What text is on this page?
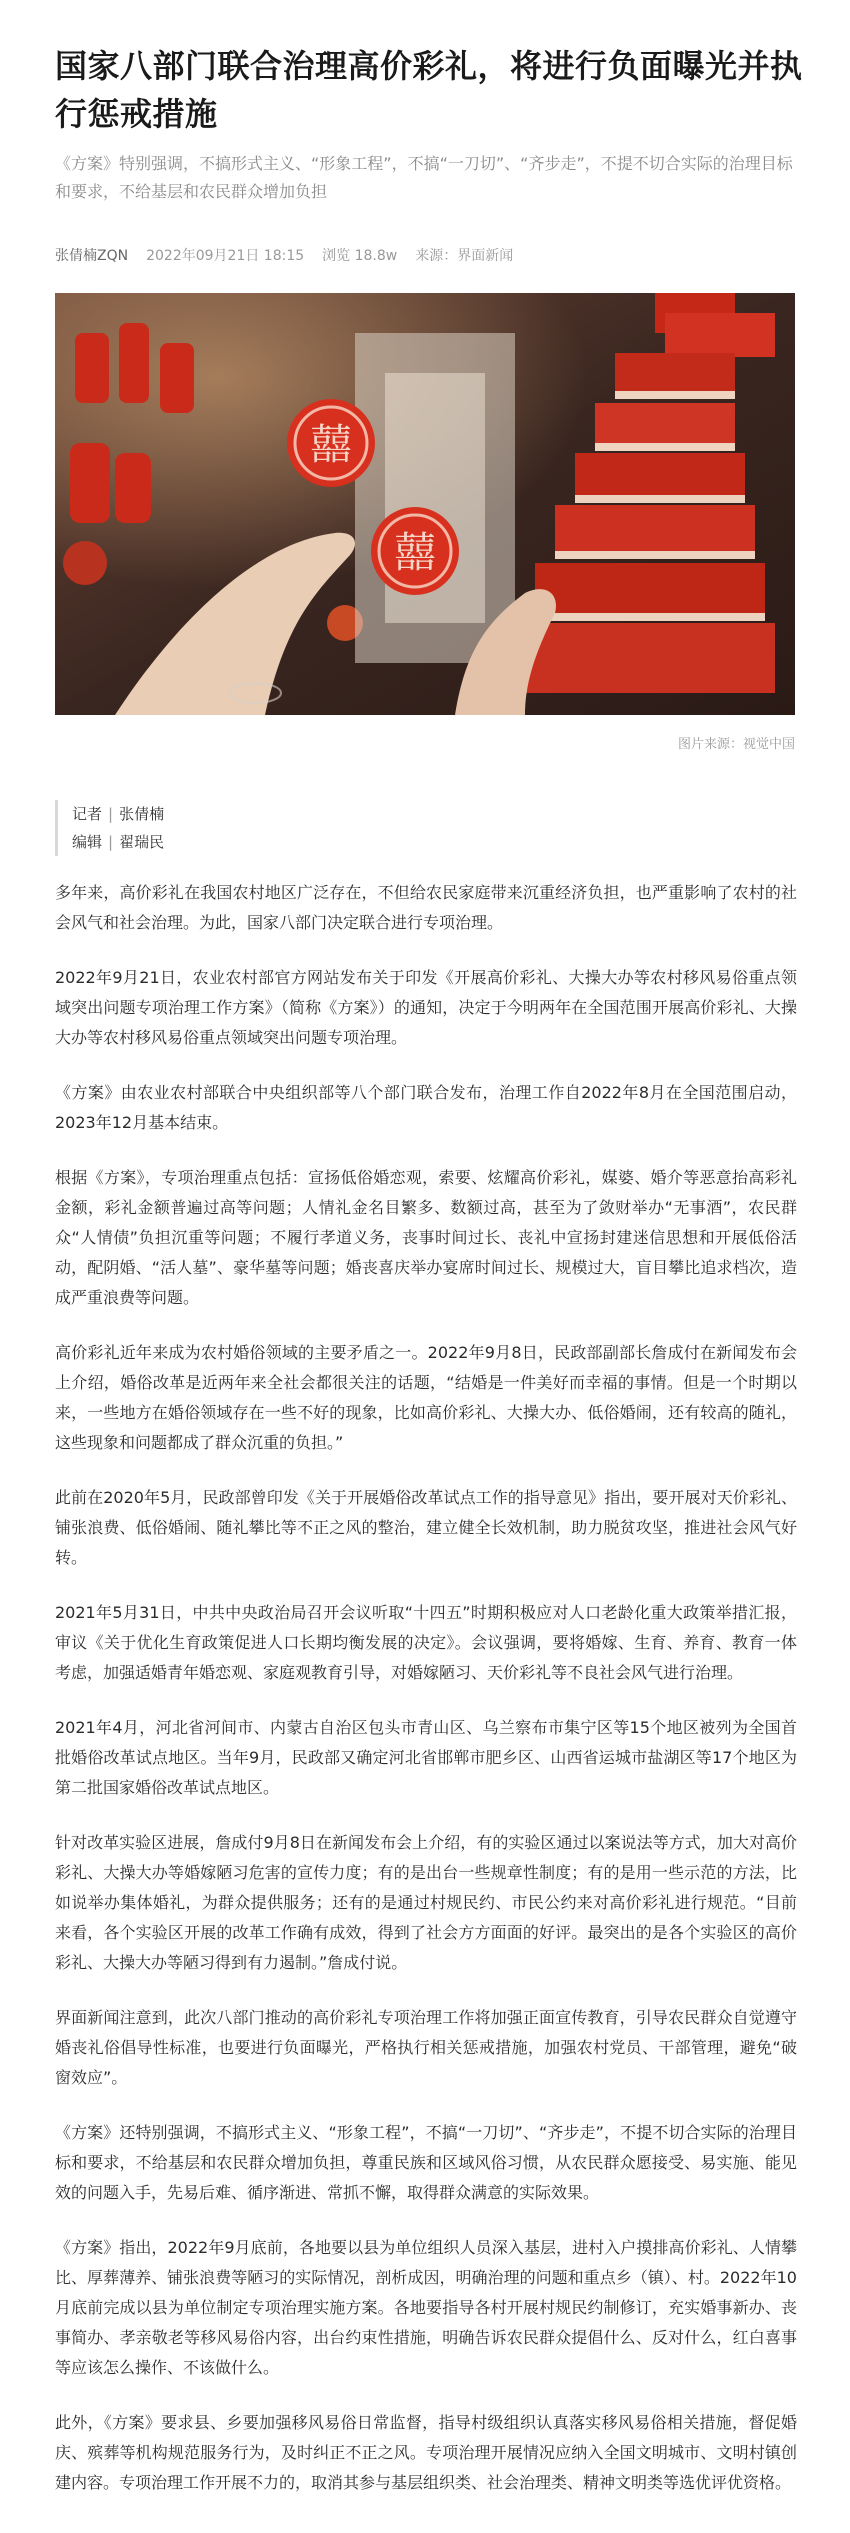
国家八部门联合治理高价彩礼，将进行负面曝光并执行惩戒措施

《方案》特别强调，不搞形式主义、“形象工程”，不搞“一刀切”、“齐步走”，不提不切合实际的治理目标和要求，不给基层和农民群众增加负担

张倩楠ZQN 2022年09月21日 18:15 浏览 18.8w 来源：界面新闻
囍
囍
图片来源：视觉中国
记者 | 张倩楠
编辑 | 翟瑞民

多年来，高价彩礼在我国农村地区广泛存在，不但给农民家庭带来沉重经济负担，也严重影响了农村的社会风气和社会治理。为此，国家八部门决定联合进行专项治理。

2022年9月21日，农业农村部官方网站发布关于印发《开展高价彩礼、大操大办等农村移风易俗重点领域突出问题专项治理工作方案》（简称《方案》）的通知，决定于今明两年在全国范围开展高价彩礼、大操大办等农村移风易俗重点领域突出问题专项治理。

《方案》由农业农村部联合中央组织部等八个部门联合发布，治理工作自2022年8月在全国范围启动，2023年12月基本结束。

根据《方案》，专项治理重点包括：宣扬低俗婚恋观，索要、炫耀高价彩礼，媒婆、婚介等恶意抬高彩礼金额，彩礼金额普遍过高等问题；人情礼金名目繁多、数额过高，甚至为了敛财举办“无事酒”，农民群众“人情债”负担沉重等问题；不履行孝道义务，丧事时间过长、丧礼中宣扬封建迷信思想和开展低俗活动，配阴婚、“活人墓”、豪华墓等问题；婚丧喜庆举办宴席时间过长、规模过大，盲目攀比追求档次，造成严重浪费等问题。

高价彩礼近年来成为农村婚俗领域的主要矛盾之一。2022年9月8日，民政部副部长詹成付在新闻发布会上介绍，婚俗改革是近两年来全社会都很关注的话题，“结婚是一件美好而幸福的事情。但是一个时期以来，一些地方在婚俗领域存在一些不好的现象，比如高价彩礼、大操大办、低俗婚闹，还有较高的随礼，这些现象和问题都成了群众沉重的负担。”

此前在2020年5月，民政部曾印发《关于开展婚俗改革试点工作的指导意见》指出，要开展对天价彩礼、铺张浪费、低俗婚闹、随礼攀比等不正之风的整治，建立健全长效机制，助力脱贫攻坚，推进社会风气好转。

2021年5月31日，中共中央政治局召开会议听取“十四五”时期积极应对人口老龄化重大政策举措汇报，审议《关于优化生育政策促进人口长期均衡发展的决定》。会议强调，要将婚嫁、生育、养育、教育一体考虑，加强适婚青年婚恋观、家庭观教育引导，对婚嫁陋习、天价彩礼等不良社会风气进行治理。

2021年4月，河北省河间市、内蒙古自治区包头市青山区、乌兰察布市集宁区等15个地区被列为全国首批婚俗改革试点地区。当年9月，民政部又确定河北省邯郸市肥乡区、山西省运城市盐湖区等17个地区为第二批国家婚俗改革试点地区。

针对改革实验区进展，詹成付9月8日在新闻发布会上介绍，有的实验区通过以案说法等方式，加大对高价彩礼、大操大办等婚嫁陋习危害的宣传力度；有的是出台一些规章性制度；有的是用一些示范的方法，比如说举办集体婚礼，为群众提供服务；还有的是通过村规民约、市民公约来对高价彩礼进行规范。“目前来看，各个实验区开展的改革工作确有成效，得到了社会方方面面的好评。最突出的是各个实验区的高价彩礼、大操大办等陋习得到有力遏制。”詹成付说。

界面新闻注意到，此次八部门推动的高价彩礼专项治理工作将加强正面宣传教育，引导农民群众自觉遵守婚丧礼俗倡导性标准，也要进行负面曝光，严格执行相关惩戒措施，加强农村党员、干部管理，避免“破窗效应”。

《方案》还特别强调，不搞形式主义、“形象工程”，不搞“一刀切”、“齐步走”，不提不切合实际的治理目标和要求，不给基层和农民群众增加负担，尊重民族和区域风俗习惯，从农民群众愿接受、易实施、能见效的问题入手，先易后难、循序渐进、常抓不懈，取得群众满意的实际效果。

《方案》指出，2022年9月底前，各地要以县为单位组织人员深入基层，进村入户摸排高价彩礼、人情攀比、厚葬薄养、铺张浪费等陋习的实际情况，剖析成因，明确治理的问题和重点乡（镇）、村。2022年10月底前完成以县为单位制定专项治理实施方案。各地要指导各村开展村规民约制修订，充实婚事新办、丧事简办、孝亲敬老等移风易俗内容，出台约束性措施，明确告诉农民群众提倡什么、反对什么，红白喜事等应该怎么操作、不该做什么。

此外，《方案》要求县、乡要加强移风易俗日常监督，指导村级组织认真落实移风易俗相关措施，督促婚庆、殡葬等机构规范服务行为，及时纠正不正之风。专项治理开展情况应纳入全国文明城市、文明村镇创建内容。专项治理工作开展不力的，取消其参与基层组织类、社会治理类、精神文明类等选优评优资格。
